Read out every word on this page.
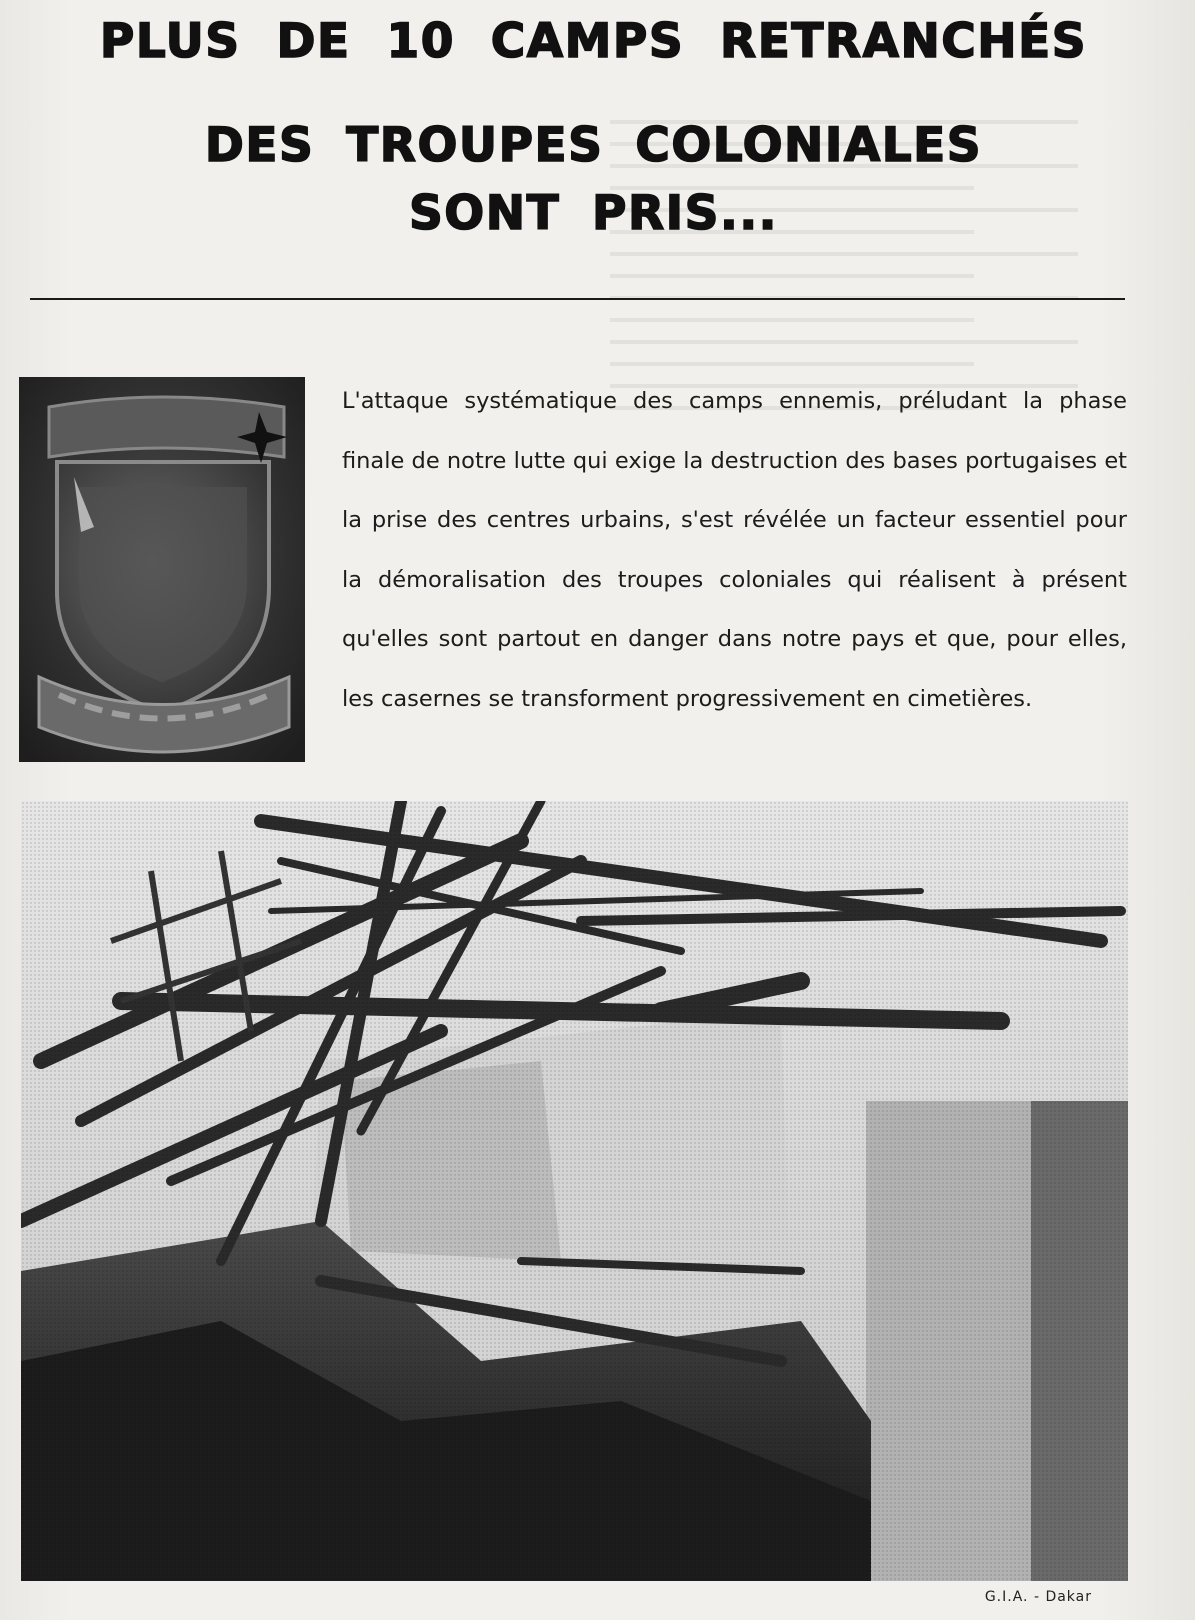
PLUS DE 10 CAMPS RETRANCHÉS
DES TROUPES COLONIALES
SONT PRIS...

L'attaque systématique des camps ennemis, préludant la phase finale de notre lutte qui exige la destruction des bases portugaises et la prise des centres urbains, s'est révélée un facteur essentiel pour la démoralisation des troupes coloniales qui réalisent à présent qu'elles sont partout en danger dans notre pays et que, pour elles, les casernes se transforment progressivement en cimetières.

G.I.A. - Dakar
